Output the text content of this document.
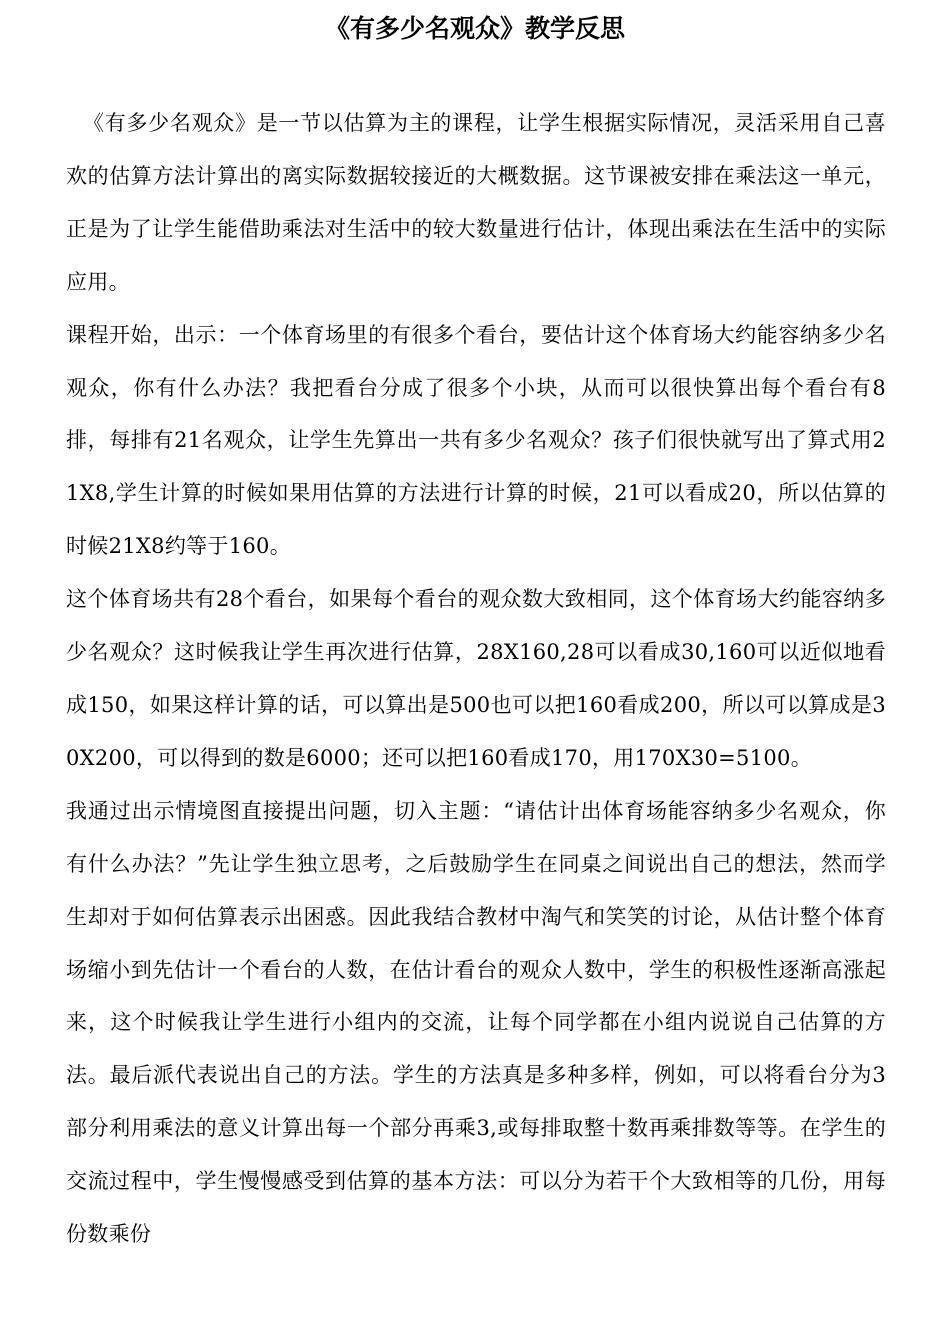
《有多少名观众》教学反思

《有多少名观众》是一节以估算为主的课程，让学生根据实际情况，灵活采用自己喜欢的估算方法计算出的离实际数据较接近的大概数据。这节课被安排在乘法这一单元，正是为了让学生能借助乘法对生活中的较大数量进行估计，体现出乘法在生活中的实际应用。

课程开始，出示：一个体育场里的有很多个看台，要估计这个体育场大约能容纳多少名观众，你有什么办法？我把看台分成了很多个小块，从而可以很快算出每个看台有8排，每排有21名观众，让学生先算出一共有多少名观众？孩子们很快就写出了算式用21X8,学生计算的时候如果用估算的方法进行计算的时候，21可以看成20，所以估算的时候21X8约等于160。

这个体育场共有28个看台，如果每个看台的观众数大致相同，这个体育场大约能容纳多少名观众？这时候我让学生再次进行估算，28X160,28可以看成30,160可以近似地看成150，如果这样计算的话，可以算出是500也可以把160看成200，所以可以算成是30X200，可以得到的数是6000；还可以把160看成170，用170X30=5100。

我通过出示情境图直接提出问题，切入主题：“请估计出体育场能容纳多少名观众，你有什么办法？”先让学生独立思考，之后鼓励学生在同桌之间说出自己的想法，然而学生却对于如何估算表示出困惑。因此我结合教材中淘气和笑笑的讨论，从估计整个体育场缩小到先估计一个看台的人数，在估计看台的观众人数中，学生的积极性逐渐高涨起来，这个时候我让学生进行小组内的交流，让每个同学都在小组内说说自己估算的方法。最后派代表说出自己的方法。学生的方法真是多种多样，例如，可以将看台分为3部分利用乘法的意义计算出每一个部分再乘3,或每排取整十数再乘排数等等。在学生的交流过程中，学生慢慢感受到估算的基本方法：可以分为若干个大致相等的几份，用每份数乘份
